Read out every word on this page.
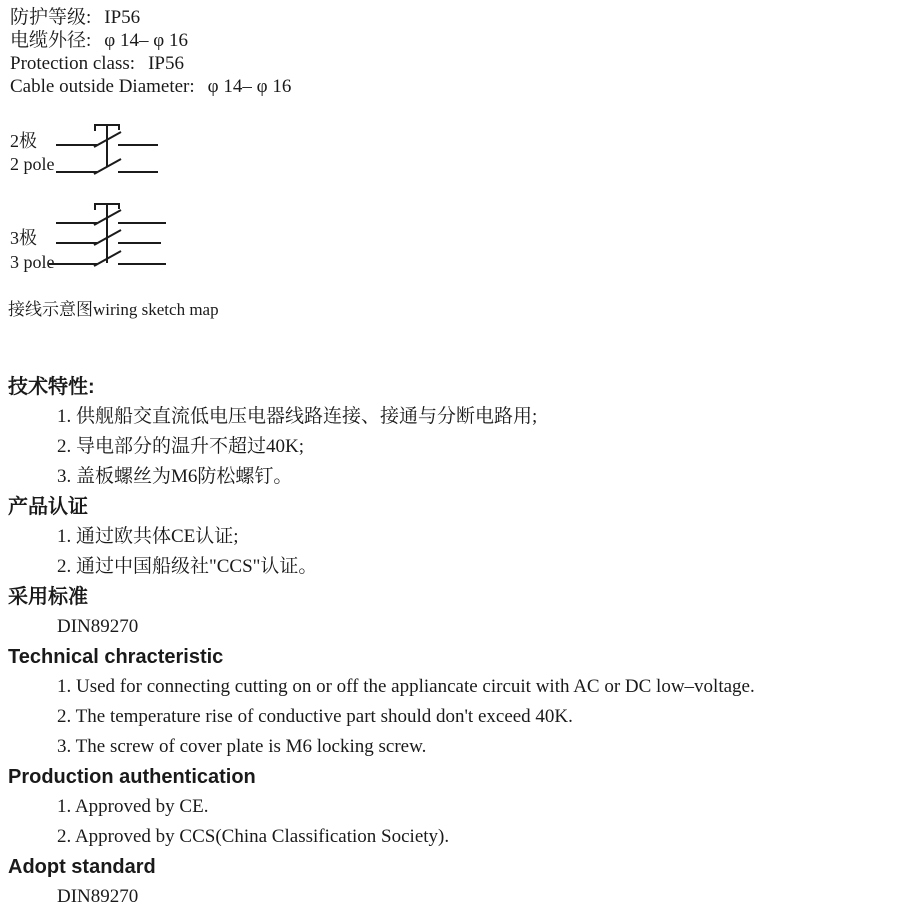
防护等级: IP56
电缆外径: φ 14– φ 16
Protection class: IP56
Cable outside Diameter: φ 14– φ 16
2极
2 pole
3极
3 pole
接线示意图wiring sketch map
技术特性:
1. 供舰船交直流低电压电器线路连接、接通与分断电路用;
2. 导电部分的温升不超过40K;
3. 盖板螺丝为M6防松螺钉。
产品认证
1. 通过欧共体CE认证;
2. 通过中国船级社"CCS"认证。
采用标准
DIN89270
Technical chracteristic
1. Used for connecting cutting on or off the appliancate circuit with AC or DC low–voltage.
2. The temperature rise of conductive part should don't exceed 40K.
3. The screw of cover plate is M6 locking screw.
Production authentication
1. Approved by CE.
2. Approved by CCS(China Classification Society).
Adopt standard
DIN89270
